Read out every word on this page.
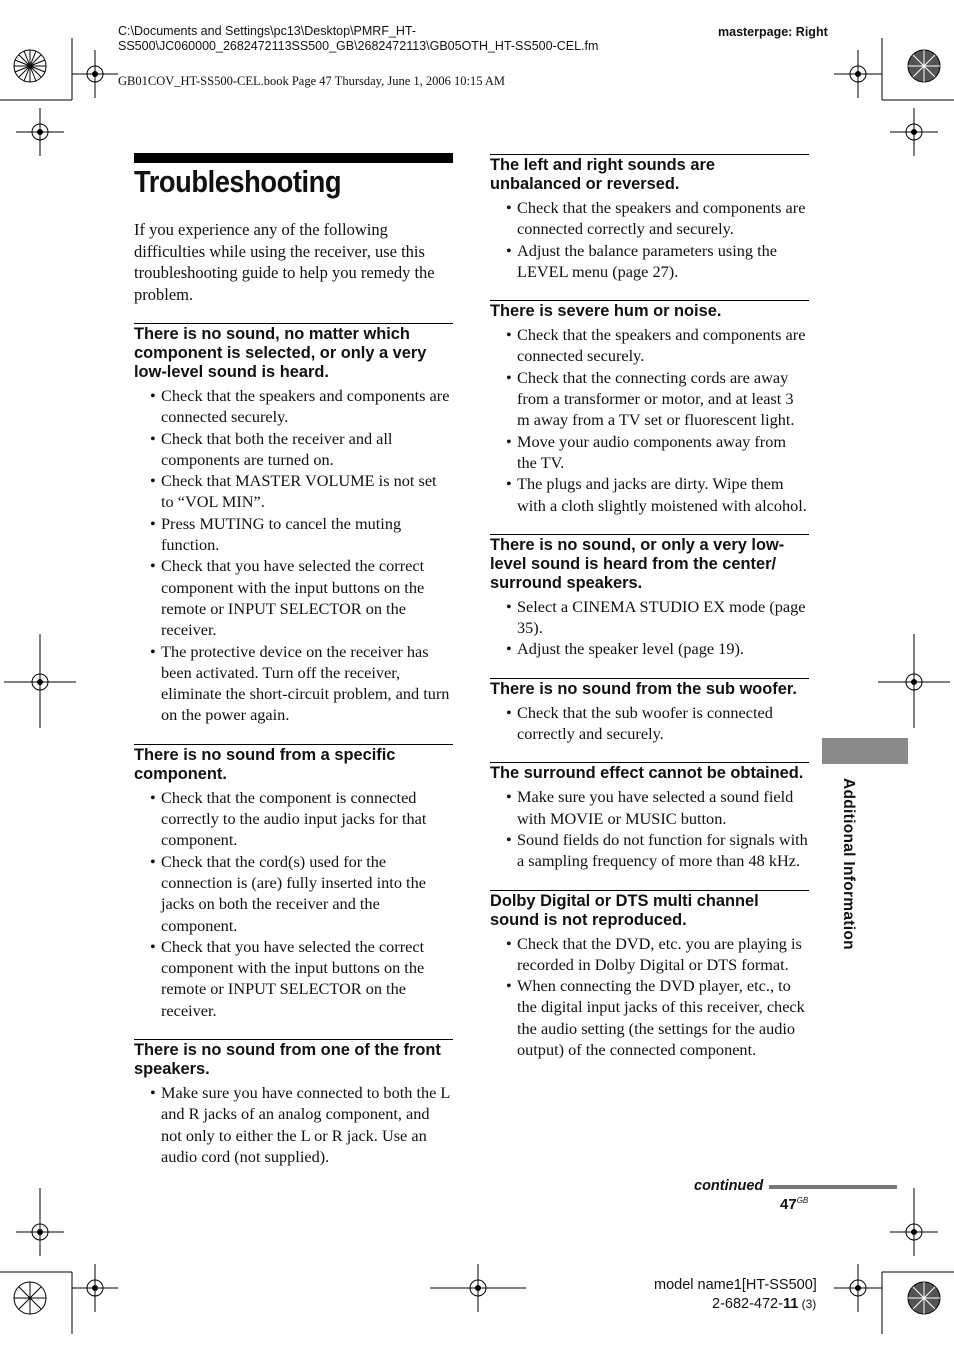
C:\Documents and Settings\pc13\Desktop\PMRF_HT-SS500\JC060000_2682472113SS500_GB\2682472113\GB05OTH_HT-SS500-CEL.fm
masterpage: Right
GB01COV_HT-SS500-CEL.book Page 47 Thursday, June 1, 2006 10:15 AM
Troubleshooting

If you experience any of the following difficulties while using the receiver, use this troubleshooting guide to help you remedy the problem.

There is no sound, no matter which component is selected, or only a very low-level sound is heard.
• Check that the speakers and components are connected securely.
• Check that both the receiver and all components are turned on.
• Check that MASTER VOLUME is not set to “VOL MIN”.
• Press MUTING to cancel the muting function.
• Check that you have selected the correct component with the input buttons on the remote or INPUT SELECTOR on the receiver.
• The protective device on the receiver has been activated. Turn off the receiver, eliminate the short-circuit problem, and turn on the power again.
There is no sound from a specific component.
• Check that the component is connected correctly to the audio input jacks for that component.
• Check that the cord(s) used for the connection is (are) fully inserted into the jacks on both the receiver and the component.
• Check that you have selected the correct component with the input buttons on the remote or INPUT SELECTOR on the receiver.
There is no sound from one of the front speakers.
• Make sure you have connected to both the L and R jacks of an analog component, and not only to either the L or R jack. Use an audio cord (not supplied).
The left and right sounds are unbalanced or reversed.
• Check that the speakers and components are connected correctly and securely.
• Adjust the balance parameters using the LEVEL menu (page 27).
There is severe hum or noise.
• Check that the speakers and components are connected securely.
• Check that the connecting cords are away from a transformer or motor, and at least 3 m away from a TV set or fluorescent light.
• Move your audio components away from the TV.
• The plugs and jacks are dirty. Wipe them with a cloth slightly moistened with alcohol.
There is no sound, or only a very low-level sound is heard from the center/ surround speakers.
• Select a CINEMA STUDIO EX mode (page 35).
• Adjust the speaker level (page 19).
There is no sound from the sub woofer.
• Check that the sub woofer is connected correctly and securely.
The surround effect cannot be obtained.
• Make sure you have selected a sound field with MOVIE or MUSIC button.
• Sound fields do not function for signals with a sampling frequency of more than 48 kHz.
Dolby Digital or DTS multi channel sound is not reproduced.
• Check that the DVD, etc. you are playing is recorded in Dolby Digital or DTS format.
• When connecting the DVD player, etc., to the digital input jacks of this receiver, check the audio setting (the settings for the audio output) of the connected component.
Additional Information
continued
$47^{GB}$
model name1[HT-SS500]
2-682-472-11 (3)
